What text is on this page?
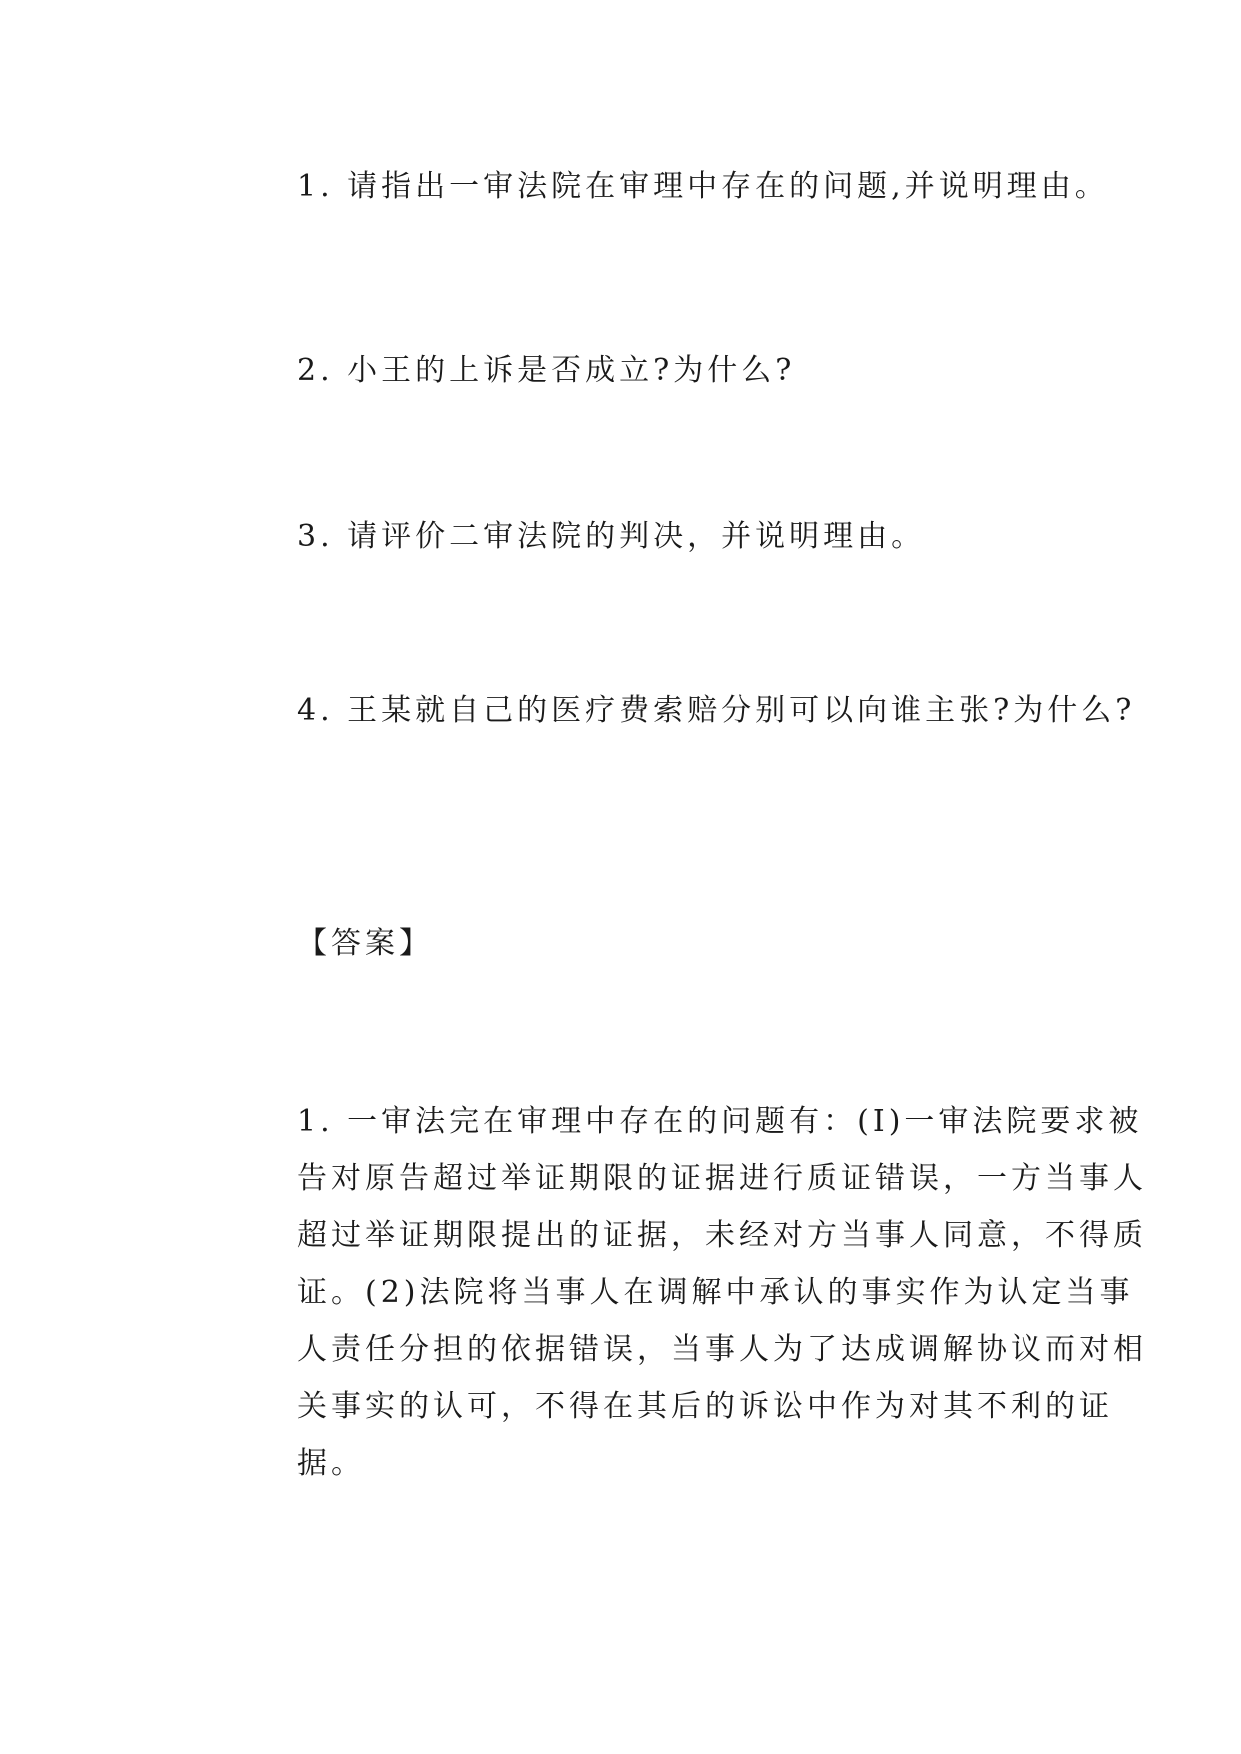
1. 请指出一审法院在审理中存在的问题,并说明理由。

2. 小王的上诉是否成立?为什么?

3. 请评价二审法院的判决，并说明理由。

4. 王某就自己的医疗费索赔分别可以向谁主张?为什么?

【答案】

1. 一审法完在审理中存在的问题有：(I)一审法院要求被告对原告超过举证期限的证据进行质证错误，一方当事人超过举证期限提出的证据，未经对方当事人同意，不得质证。(2)法院将当事人在调解中承认的事实作为认定当事人责任分担的依据错误，当事人为了达成调解协议而对相关事实的认可，不得在其后的诉讼中作为对其不利的证据。
